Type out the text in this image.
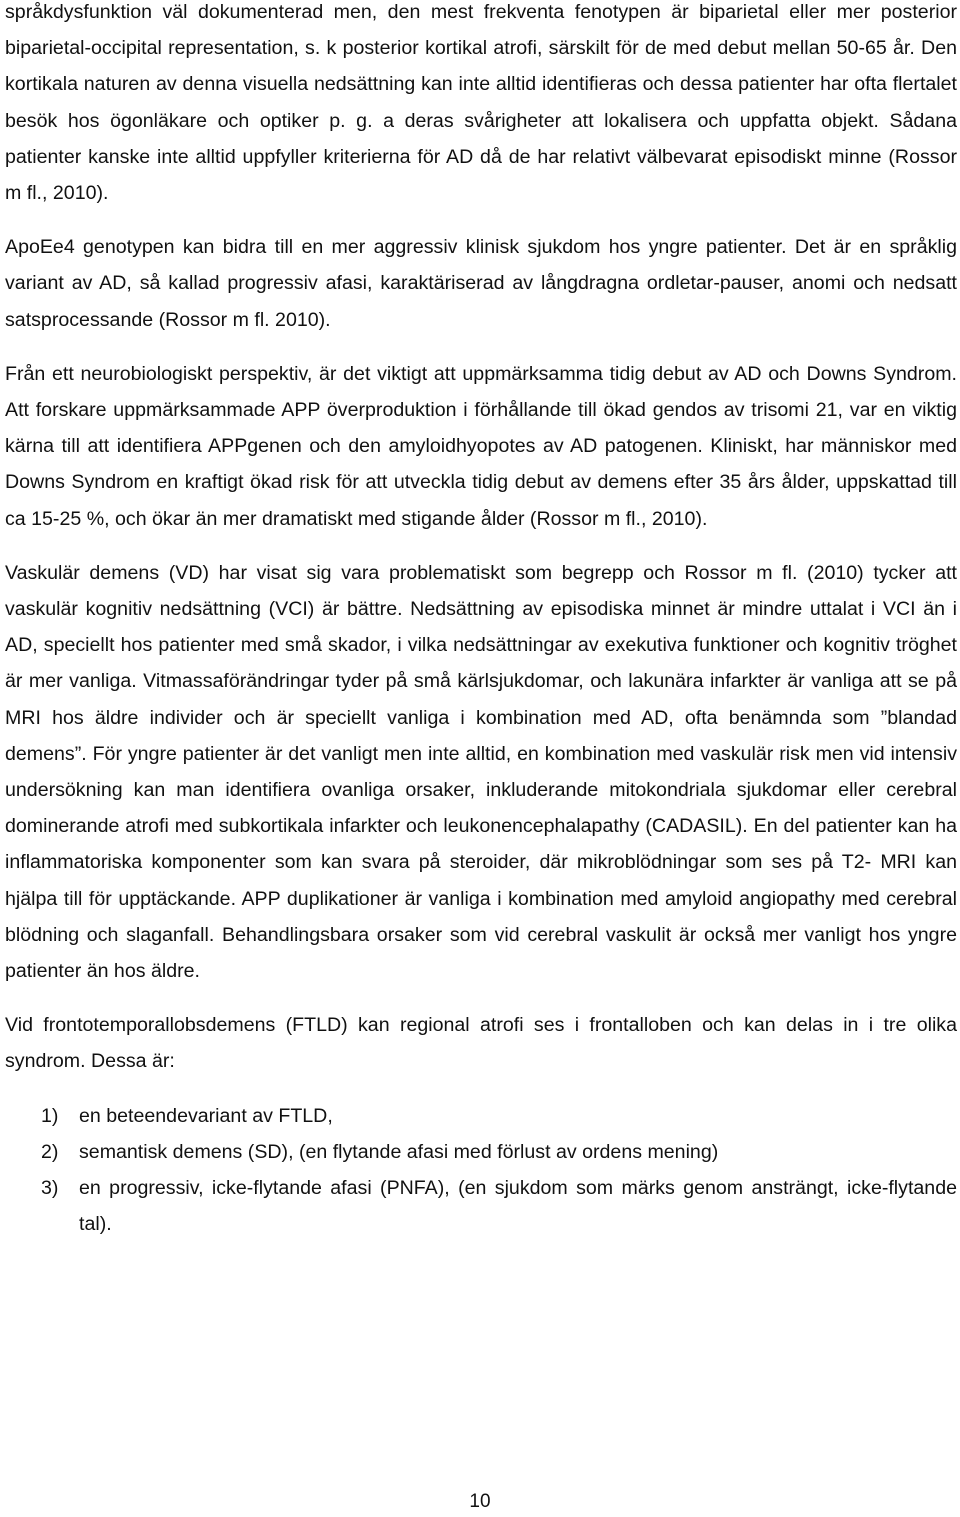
språkdysfunktion väl dokumenterad men, den mest frekventa fenotypen är biparietal eller mer posterior biparietal-occipital representation, s. k posterior kortikal atrofi, särskilt för de med debut mellan 50-65 år. Den kortikala naturen av denna visuella nedsättning kan inte alltid identifieras och dessa patienter har ofta flertalet besök hos ögonläkare och optiker p. g. a deras svårigheter att lokalisera och uppfatta objekt. Sådana patienter kanske inte alltid uppfyller kriterierna för AD då de har relativt välbevarat episodiskt minne (Rossor m fl., 2010).

ApoEe4 genotypen kan bidra till en mer aggressiv klinisk sjukdom hos yngre patienter. Det är en språklig variant av AD, så kallad progressiv afasi, karaktäriserad av långdragna ordletar-pauser, anomi och nedsatt satsprocessande (Rossor m fl. 2010).

Från ett neurobiologiskt perspektiv, är det viktigt att uppmärksamma tidig debut av AD och Downs Syndrom. Att forskare uppmärksammade APP överproduktion i förhållande till ökad gendos av trisomi 21, var en viktig kärna till att identifiera APPgenen och den amyloidhyopotes av AD patogenen. Kliniskt, har människor med Downs Syndrom en kraftigt ökad risk för att utveckla tidig debut av demens efter 35 års ålder, uppskattad till ca 15-25 %, och ökar än mer dramatiskt med stigande ålder (Rossor m fl., 2010).

Vaskulär demens (VD) har visat sig vara problematiskt som begrepp och Rossor m fl. (2010) tycker att vaskulär kognitiv nedsättning (VCI) är bättre. Nedsättning av episodiska minnet är mindre uttalat i VCI än i AD, speciellt hos patienter med små skador, i vilka nedsättningar av exekutiva funktioner och kognitiv tröghet är mer vanliga. Vitmassaförändringar tyder på små kärlsjukdomar, och lakunära infarkter är vanliga att se på MRI hos äldre individer och är speciellt vanliga i kombination med AD, ofta benämnda som ”blandad demens”. För yngre patienter är det vanligt men inte alltid, en kombination med vaskulär risk men vid intensiv undersökning kan man identifiera ovanliga orsaker, inkluderande mitokondriala sjukdomar eller cerebral dominerande atrofi med subkortikala infarkter och leukonencephalapathy (CADASIL). En del patienter kan ha inflammatoriska komponenter som kan svara på steroider, där mikroblödningar som ses på T2- MRI kan hjälpa till för upptäckande. APP duplikationer är vanliga i kombination med amyloid angiopathy med cerebral blödning och slaganfall. Behandlingsbara orsaker som vid cerebral vaskulit är också mer vanligt hos yngre patienter än hos äldre.

Vid frontotemporallobsdemens (FTLD) kan regional atrofi ses i frontalloben och kan delas in i tre olika syndrom. Dessa är:

1) en beteendevariant av FTLD,
2) semantisk demens (SD), (en flytande afasi med förlust av ordens mening)
3) en progressiv, icke-flytande afasi (PNFA), (en sjukdom som märks genom ansträngt, icke-flytande tal).
10
